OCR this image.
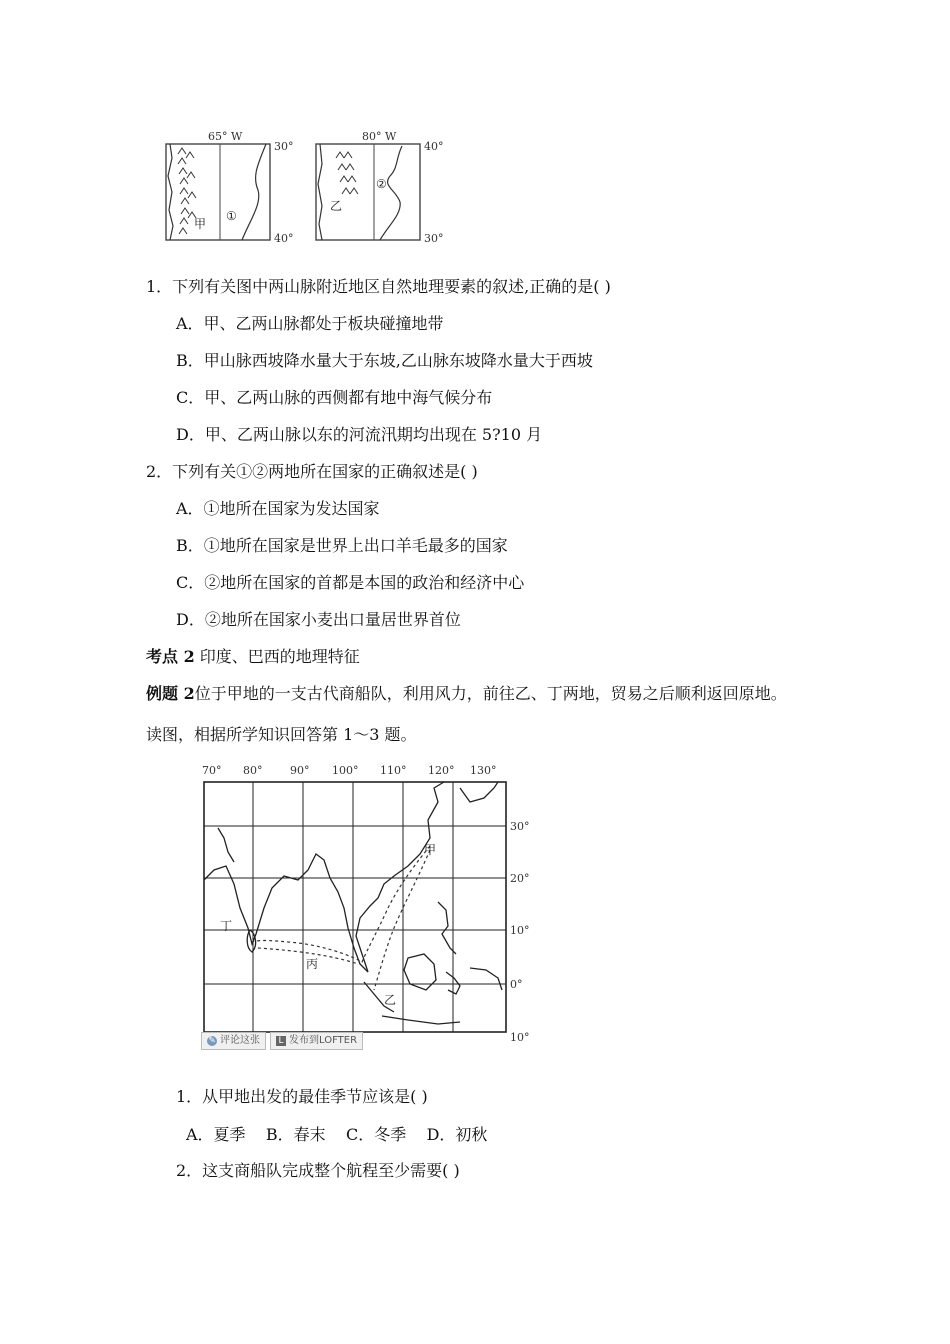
65° W
30°
40°
甲
①
80° W
40°
30°
乙
②
1．下列有关图中两山脉附近地区自然地理要素的叙述,正确的是( )
A．甲、乙两山脉都处于板块碰撞地带
B．甲山脉西坡降水量大于东坡,乙山脉东坡降水量大于西坡
C．甲、乙两山脉的西侧都有地中海气候分布
D．甲、乙两山脉以东的河流汛期均出现在 5?10 月
2．下列有关①②两地所在国家的正确叙述是( )
A．①地所在国家为发达国家
B．①地所在国家是世界上出口羊毛最多的国家
C．②地所在国家的首都是本国的政治和经济中心
D．②地所在国家小麦出口量居世界首位
考点 2 印度、巴西的地理特征
例题 2位于甲地的一支古代商船队，利用风力，前往乙、丁两地，贸易之后顺利返回原地。
读图，相据所学知识回答第 1～3 题。
70° 80°	90° 100° 110° 120° 130°
30°
20°
10°
0°
10°
甲
丙
丁
乙
✎ 评论这张 L 发布到LOFTER
1．从甲地出发的最佳季节应该是( )
A．夏季    B．春末    C．冬季    D．初秋
2．这支商船队完成整个航程至少需要( )
